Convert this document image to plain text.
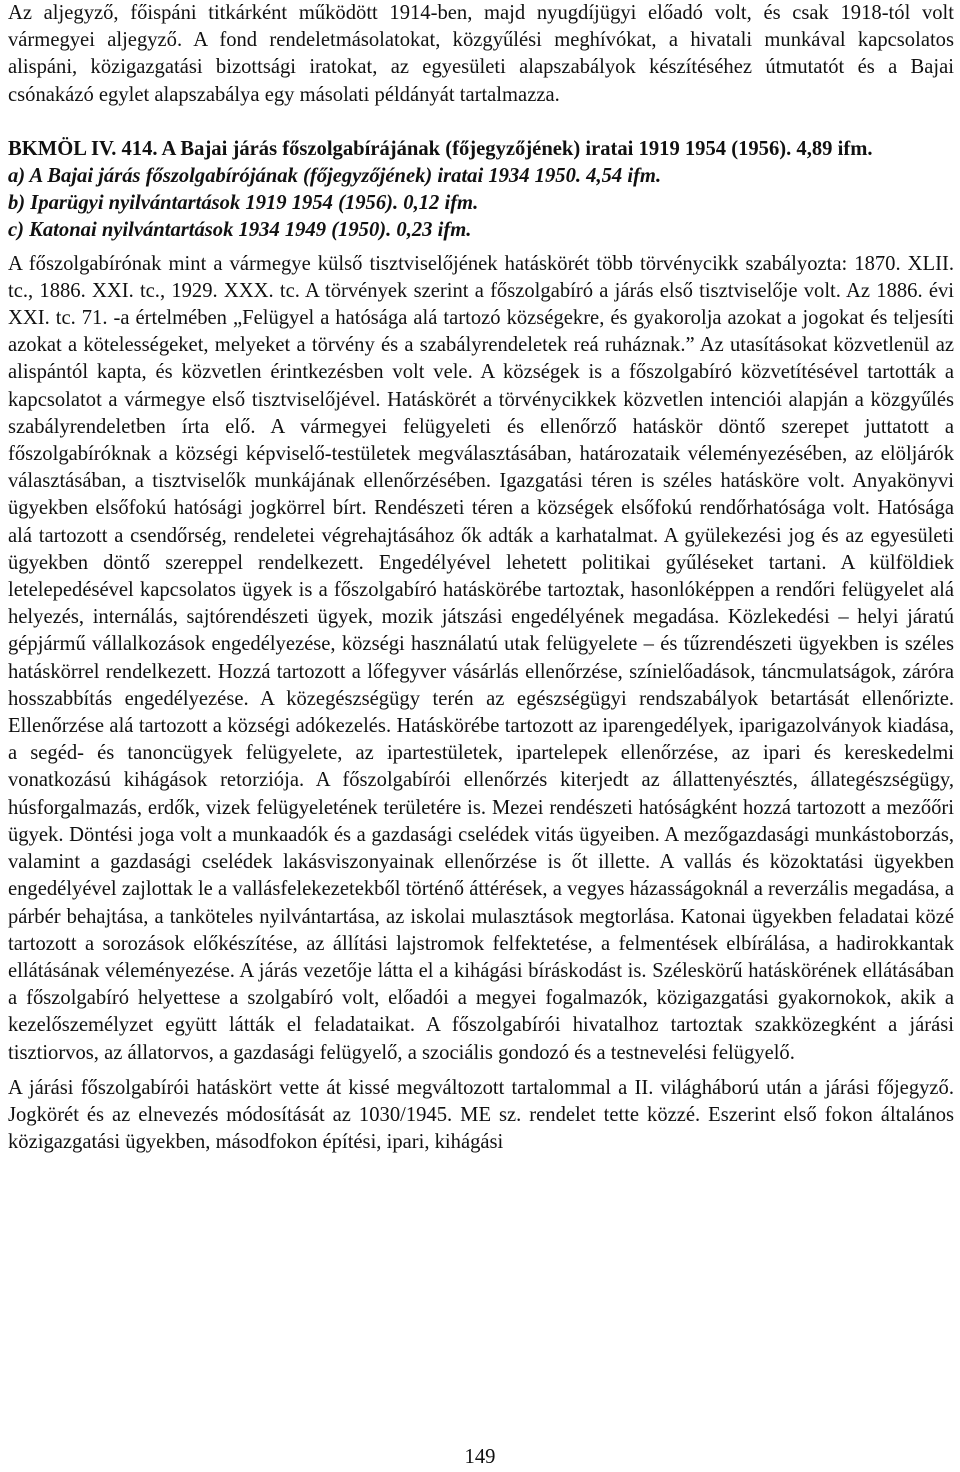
Az aljegyző, főispáni titkárként működött 1914-ben, majd nyugdíjügyi előadó volt, és csak 1918-tól volt vármegyei aljegyző. A fond rendeletmásolatokat, közgyűlési meghívókat, a hivatali munkával kapcsolatos alispáni, közigazgatási bizottsági iratokat, az egyesületi alapszabályok készítéséhez útmutatót és a Bajai csónakázó egylet alapszabálya egy másolati példányát tartalmazza.

BKMÖL IV. 414. A Bajai járás főszolgabírájának (főjegyzőjének) iratai 1919 1954 (1956). 4,89 ifm.

a) A Bajai járás főszolgabírójának (főjegyzőjének) iratai 1934 1950. 4,54 ifm.

b) Iparügyi nyilvántartások 1919 1954 (1956). 0,12 ifm.

c) Katonai nyilvántartások 1934 1949 (1950). 0,23 ifm.

A főszolgabírónak mint a vármegye külső tisztviselőjének hatáskörét több törvénycikk szabályozta: 1870. XLII. tc., 1886. XXI. tc., 1929. XXX. tc. A törvények szerint a főszolgabíró a járás első tisztviselője volt. Az 1886. évi XXI. tc. 71. -a értelmében „Felügyel a hatósága alá tartozó községekre, és gyakorolja azokat a jogokat és teljesíti azokat a kötelességeket, melyeket a törvény és a szabályrendeletek reá ruháznak.” Az utasításokat közvetlenül az alispántól kapta, és közvetlen érintkezésben volt vele. A községek is a főszolgabíró közvetítésével tartották a kapcsolatot a vármegye első tisztviselőjével. Hatáskörét a törvénycikkek közvetlen intenciói alapján a közgyűlés szabályrendeletben írta elő. A vármegyei felügyeleti és ellenőrző hatáskör döntő szerepet juttatott a főszolgabíróknak a községi képviselő-testületek megválasztásában, határozataik véleményezésében, az elöljárók választásában, a tisztviselők munkájának ellenőrzésében. Igazgatási téren is széles hatásköre volt. Anyakönyvi ügyekben elsőfokú hatósági jogkörrel bírt. Rendészeti téren a községek elsőfokú rendőrhatósága volt. Hatósága alá tartozott a csendőrség, rendeletei végrehajtásához ők adták a karhatalmat. A gyülekezési jog és az egyesületi ügyekben döntő szereppel rendelkezett. Engedélyével lehetett politikai gyűléseket tartani. A külföldiek letelepedésével kapcsolatos ügyek is a főszolgabíró hatáskörébe tartoztak, hasonlóképpen a rendőri felügyelet alá helyezés, internálás, sajtórendészeti ügyek, mozik játszási engedélyének megadása. Közlekedési – helyi járatú gépjármű vállalkozások engedélyezése, községi használatú utak felügyelete – és tűzrendészeti ügyekben is széles hatáskörrel rendelkezett. Hozzá tartozott a lőfegyver vásárlás ellenőrzése, színielőadások, táncmulatságok, záróra hosszabbítás engedélyezése. A közegészségügy terén az egészségügyi rendszabályok betartását ellenőrizte. Ellenőrzése alá tartozott a községi adókezelés. Hatáskörébe tartozott az iparengedélyek, iparigazolványok kiadása, a segéd- és tanoncügyek felügyelete, az ipartestületek, ipartelepek ellenőrzése, az ipari és kereskedelmi vonatkozású kihágások retorziója. A főszolgabírói ellenőrzés kiterjedt az állattenyésztés, állategészségügy, húsforgalmazás, erdők, vizek felügyeletének területére is. Mezei rendészeti hatóságként hozzá tartozott a mezőőri ügyek. Döntési joga volt a munkaadók és a gazdasági cselédek vitás ügyeiben. A mezőgazdasági munkástoborzás, valamint a gazdasági cselédek lakásviszonyainak ellenőrzése is őt illette. A vallás és közoktatási ügyekben engedélyével zajlottak le a vallásfelekezetekből történő áttérések, a vegyes házasságoknál a reverzális megadása, a párbér behajtása, a tanköteles nyilvántartása, az iskolai mulasztások megtorlása. Katonai ügyekben feladatai közé tartozott a sorozások előkészítése, az állítási lajstromok felfektetése, a felmentések elbírálása, a hadirokkantak ellátásának véleményezése. A járás vezetője látta el a kihágási bíráskodást is. Széleskörű hatáskörének ellátásában a főszolgabíró helyettese a szolgabíró volt, előadói a megyei fogalmazók, közigazgatási gyakornokok, akik a kezelőszemélyzet együtt látták el feladataikat. A főszolgabírói hivatalhoz tartoztak szakközegként a járási tisztiorvos, az állatorvos, a gazdasági felügyelő, a szociális gondozó és a testnevelési felügyelő.

A járási főszolgabírói hatáskört vette át kissé megváltozott tartalommal a II. világháború után a járási főjegyző. Jogkörét és az elnevezés módosítását az 1030/1945. ME sz. rendelet tette közzé. Eszerint első fokon általános közigazgatási ügyekben, másodfokon építési, ipari, kihágási

149
